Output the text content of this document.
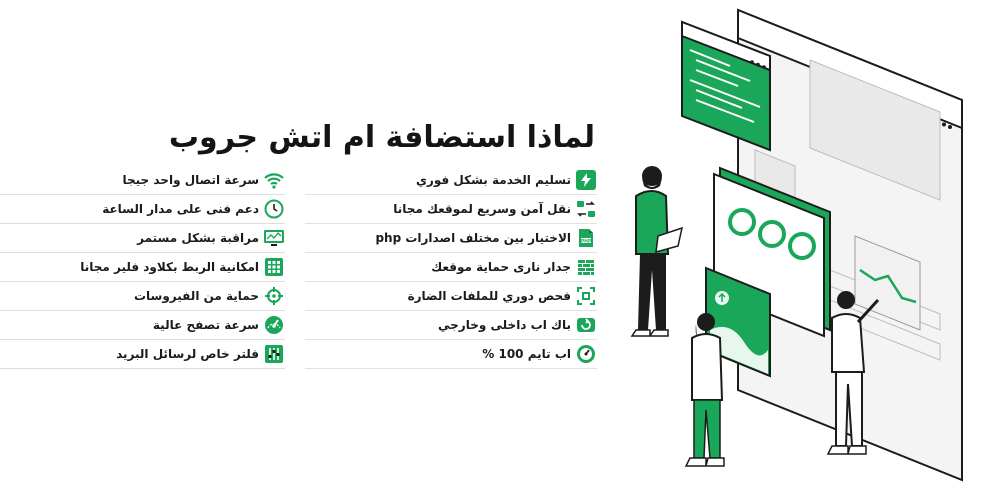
لماذا استضافة ام اتش جروب
تسليم الخدمة بشكل فوري
نقل آمن وسريع لموقعك مجانا
PHP
الاختيار بين مختلف اصدارات php
جدار نارى حماية موقعك
فحص دوري للملفات الضارة
باك اب داخلى وخارجي
اب تايم 100 %
سرعة اتصال واحد جيجا
دعم فنى على مدار الساعة
مراقبة بشكل مستمر
امكانية الربط بكلاود فلير مجانا
حماية من الفيروسات
سرعة تصفح عالية
فلتر خاص لرسائل البريد
